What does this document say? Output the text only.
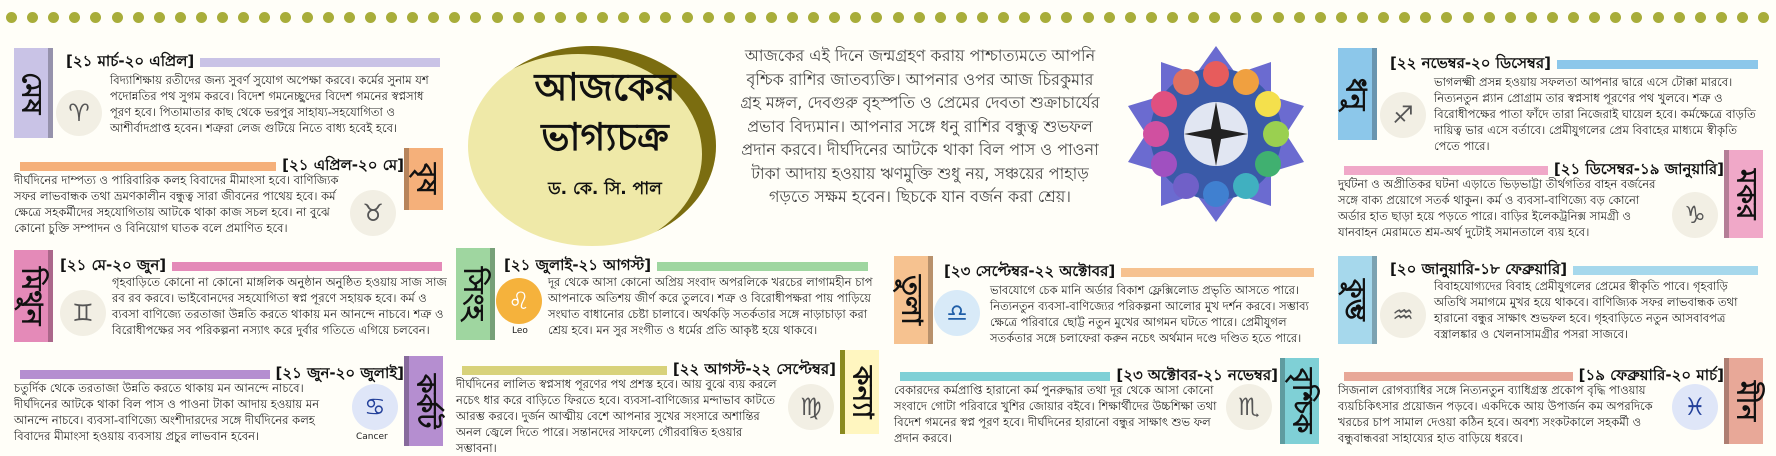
আজকের
ভাগ্যচক্র
ড. কে. সি. পাল
আজকের এই দিনে জন্মগ্রহণ করায় পাশ্চাত্যমতে আপনি বৃশ্চিক রাশির জাতব্যক্তি। আপনার ওপর আজ চিরকুমার গ্রহ মঙ্গল, দেবগুরু বৃহস্পতি ও প্রেমের দেবতা শুক্রাচার্যের প্রভাব বিদ্যমান। আপনার সঙ্গে ধনু রাশির বন্ধুত্ব শুভফল প্রদান করবে। দীর্ঘদিনের আটকে থাকা বিল পাস ও পাওনা টাকা আদায় হওয়ায় ঋণমুক্তি শুধু নয়, সঞ্চয়ের পাহাড় গড়তে সক্ষম হবেন। ছিচকে যান বর্জন করা শ্রেয়।
মেষ
[২১ মার্চ-২০ এপ্রিল]
♈
বিদ্যাশিক্ষায় রতীদের জন্য সুবর্ণ সুযোগ অপেক্ষা করবে। কর্মের সুনাম যশ পদোন্নতির পথ সুগম করবে। বিদেশ গমনেচ্ছুদের বিদেশ গমনের স্বপ্নসাধ পূরণ হবে। পিতামাতার কাছ থেকে ভরপুর সাহায্য-সহযোগিতা ও আশীর্বাদপ্রাপ্ত হবেন। শত্রুরা লেজ গুটিয়ে নিতে বাধ্য হবেই হবে।
[২১ এপ্রিল-২০ মে] বৃষ
♉
দীর্ঘদিনের দাম্পত্য ও পারিবারিক কলহ বিবাদের মীমাংসা হবে। বাণিজ্যিক সফর লাভবান্ধক তথা ভ্রমণকালীন বন্ধুত্ব সারা জীবনের পাথেয় হবে। কর্ম ক্ষেত্রে সহকর্মীদের সহযোগিতায় আটকে থাকা কাজ সচল হবে। না বুঝে কোনো চুক্তি সম্পাদন ও বিনিয়োগ ঘাতক বলে প্রমাণিত হবে।
মিথুন
[২১ মে-২০ জুন]
♊
গৃহবাড়িতে কোনো না কোনো মাঙ্গলিক অনুষ্ঠান অনুষ্ঠিত হওয়ায় সাজ সাজ রব রব করবে। ভাইবোনদের সহযোগিতা স্বপ্ন পূরণে সহায়ক হবে। কর্ম ও ব্যবসা বাণিজ্যে তরতাজা উন্নতি করতে থাকায় মন আনন্দে নাচবে। শত্রু ও বিরোধীপক্ষের সব পরিকল্পনা নস্যাৎ করে দুর্বার গতিতে এগিয়ে চলবেন।
[২১ জুন-২০ জুলাই]
কর্কট
♋
Cancer
চতুর্দিক থেকে তরতাজা উন্নতি করতে থাকায় মন আনন্দে নাচবে। দীর্ঘদিনের আটকে থাকা বিল পাস ও পাওনা টাকা আদায় হওয়ায় মন আনন্দে নাচবে। ব্যবসা-বাণিজ্যে অংশীদারদের সঙ্গে দীর্ঘদিনের কলহ বিবাদের মীমাংসা হওয়ায় ব্যবসায় প্রচুর লাভবান হবেন।
সিংহ
[২১ জুলাই-২১ আগস্ট]
♌
Leo
দূর থেকে আসা কোনো অপ্রিয় সংবাদ অপরলিকে খরচের লাগামহীন চাপ আপনাকে অতিশয় জীর্ণ করে তুলবে। শত্রু ও বিরোধীপক্ষরা পায় পাড়িয়ে সংঘাত বাধানোর চেষ্টা চালাবে। অর্থকড়ি সতর্কতার সঙ্গে নাড়াচাড়া করা শ্রেয় হবে। মন সুর সংগীত ও ধর্মের প্রতি আকৃষ্ট হয়ে থাকবে।
[২২ আগস্ট-২২ সেপ্টেম্বর] কন্যা
♍
দীর্ঘদিনের লালিত স্বপ্নসাধ পূরণের পথ প্রশস্ত হবে। আয় বুঝে ব্যয় করলে নচেৎ ধার করে বাড়িতে ফিরতে হবে। ব্যবসা-বাণিজ্যের মন্দাভাব কাটতে আরম্ভ করবে। দুর্জন আত্মীয় বেশে আপনার সুখের সংসারে অশান্তির অনল জ্বেলে দিতে পারে। সন্তানদের সাফল্যে গৌরবান্বিত হওয়ার সম্ভাবনা।
তুলা
[২৩ সেপ্টেম্বর-২২ অক্টোবর]
♎
ভাবযোগে চেক মানি অর্ডার বিকাশ ফ্লেক্সিলোড প্রভৃতি আসতে পারে। নিত্যনতুন ব্যবসা-বাণিজ্যের পরিকল্পনা আলোর মুখ দর্শন করবে। সম্ভাব্য ক্ষেত্রে পরিবারে ছোট্ট নতুন মুখের আগমন ঘটতে পারে। প্রেমীযুগল সতর্কতার সঙ্গে চলাফেরা করুন নচেৎ অর্থমান দণ্ডে দণ্ডিত হতে পারে।
[২৩ অক্টোবর-২১ নভেম্বর] বৃশ্চিক
♏
বেকারদের কর্মপ্রাপ্তি হারানো কর্ম পুনরুদ্ধার তথা দূর থেকে আসা কোনো সংবাদে গোটা পরিবারে খুশির জোয়ার বইবে। শিক্ষার্থীদের উচ্চশিক্ষা তথা বিদেশ গমনের স্বপ্ন পূরণ হবে। দীর্ঘদিনের হারানো বন্ধুর সাক্ষাৎ শুভ ফল প্রদান করবে।
ধনু
[২২ নভেম্বর-২০ ডিসেম্বর]
♐
ভাগলক্ষ্মী প্রসন্ন হওয়ায় সফলতা আপনার দ্বারে এসে টোক্কা মারবে। নিত্যনতুন প্ল্যান প্রোগ্রাম তার স্বপ্নসাধ পূরণের পথ খুলবে। শত্রু ও বিরোধীপক্ষের পাতা ফাঁদে তারা নিজেরাই ঘায়েল হবে। কর্মক্ষেত্রে বাড়তি দায়িত্ব ভার এসে বর্তাবে। প্রেমীযুগলের প্রেম বিবাহের মাধ্যমে স্বীকৃতি পেতে পারে।
[২১ ডিসেম্বর-১৯ জানুয়ারি] মকর
♑
দুর্ঘটনা ও অপ্রীতিকর ঘটনা এড়াতে ভিড়ভাট্টা তীর্থগতির বাহন বর্জনের সঙ্গে বাক্য প্রয়োগে সতর্ক থাকুন। কর্ম ও ব্যবসা-বাণিজ্যে বড় কোনো অর্ডার হাত ছাড়া হয়ে পড়তে পারে। বাড়ির ইলেকট্রনিক্স সামগ্রী ও যানবাহন মেরামতে শ্রম-অর্থ দুটোই সমানতালে ব্যয় হবে।
কুম্ভ
[২০ জানুয়ারি-১৮ ফেব্রুয়ারি]
♒
বিবাহযোগ্যদের বিবাহ প্রেমীযুগলের প্রেমের স্বীকৃতি পাবে। গৃহবাড়ি অতিথি সমাগমে মুখর হয়ে থাকবে। বাণিজ্যিক সফর লাভবান্ধক তথা হারানো বন্ধুর সাক্ষাৎ শুভফল হবে। গৃহবাড়িতে নতুন আসবাবপত্র বস্ত্রালঙ্কার ও খেলনাসামগ্রীর পসরা সাজবে।
[১৯ ফেব্রুয়ারি-২০ মার্চ]
মীন
♓
সিজনাল রোগব্যাধির সঙ্গে নিত্যনতুন ব্যাধিগ্রস্ত প্রকোপ বৃদ্ধি পাওয়ায় ব্যয়চিকিৎসার প্রয়োজন পড়বে। একদিকে আয় উপার্জন কম অপরদিকে খরচের চাপ সামাল দেওয়া কঠিন হবে। অবশ্য সংকটকালে সহকর্মী ও বন্ধুবান্ধবরা সাহায্যের হাত বাড়িয়ে ধরবে।
